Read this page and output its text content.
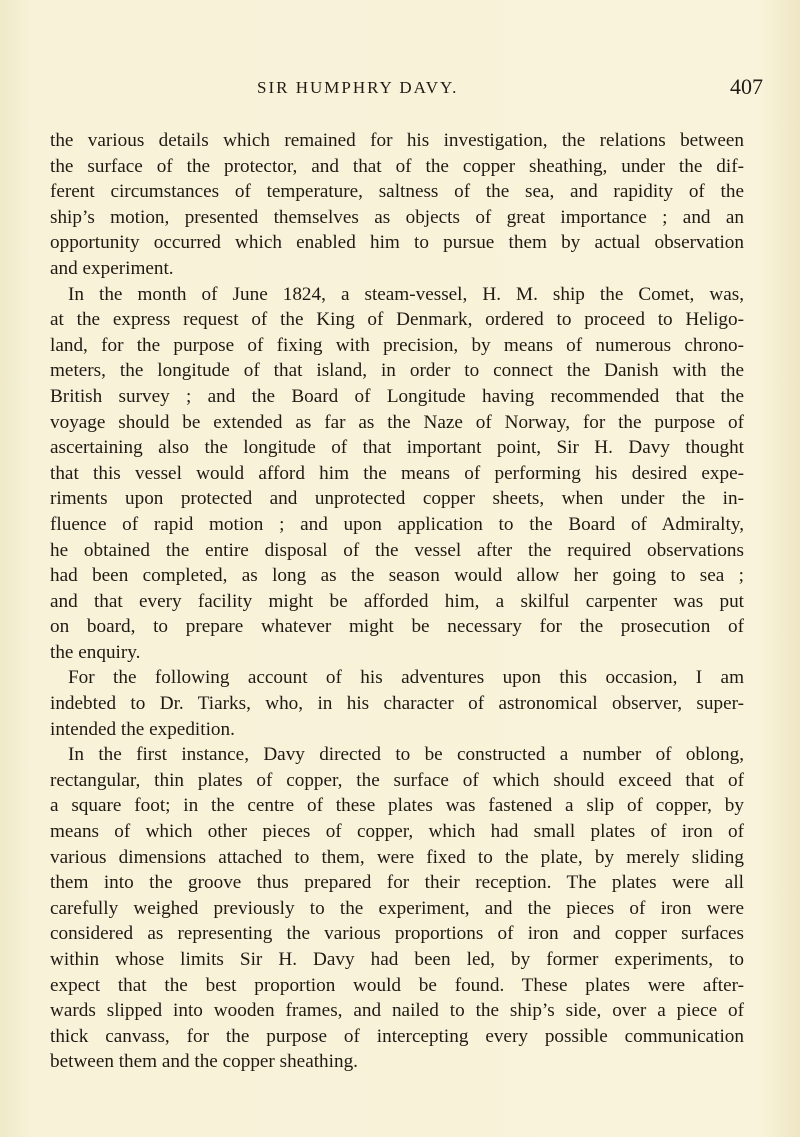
SIR HUMPHRY DAVY.	407
the various details which remained for his investigation, the relations between
the surface of the protector, and that of the copper sheathing, under the dif-
ferent circumstances of temperature, saltness of the sea, and rapidity of the
ship’s motion, presented themselves as objects of great importance ; and an
opportunity occurred which enabled him to pursue them by actual observation
and experiment.
In the month of June 1824, a steam-vessel, H. M. ship the Comet, was,
at the express request of the King of Denmark, ordered to proceed to Heligo-
land, for the purpose of fixing with precision, by means of numerous chrono-
meters, the longitude of that island, in order to connect the Danish with the
British survey ; and the Board of Longitude having recommended that the
voyage should be extended as far as the Naze of Norway, for the purpose of
ascertaining also the longitude of that important point, Sir H. Davy thought
that this vessel would afford him the means of performing his desired expe-
riments upon protected and unprotected copper sheets, when under the in-
fluence of rapid motion ; and upon application to the Board of Admiralty,
he obtained the entire disposal of the vessel after the required observations
had been completed, as long as the season would allow her going to sea ;
and that every facility might be afforded him, a skilful carpenter was put
on board, to prepare whatever might be necessary for the prosecution of
the enquiry.
For the following account of his adventures upon this occasion, I am
indebted to Dr. Tiarks, who, in his character of astronomical observer, super-
intended the expedition.
In the first instance, Davy directed to be constructed a number of oblong,
rectangular, thin plates of copper, the surface of which should exceed that of
a square foot; in the centre of these plates was fastened a slip of copper, by
means of which other pieces of copper, which had small plates of iron of
various dimensions attached to them, were fixed to the plate, by merely sliding
them into the groove thus prepared for their reception. The plates were all
carefully weighed previously to the experiment, and the pieces of iron were
considered as representing the various proportions of iron and copper surfaces
within whose limits Sir H. Davy had been led, by former experiments, to
expect that the best proportion would be found. These plates were after-
wards slipped into wooden frames, and nailed to the ship’s side, over a piece of
thick canvass, for the purpose of intercepting every possible communication
between them and the copper sheathing.
